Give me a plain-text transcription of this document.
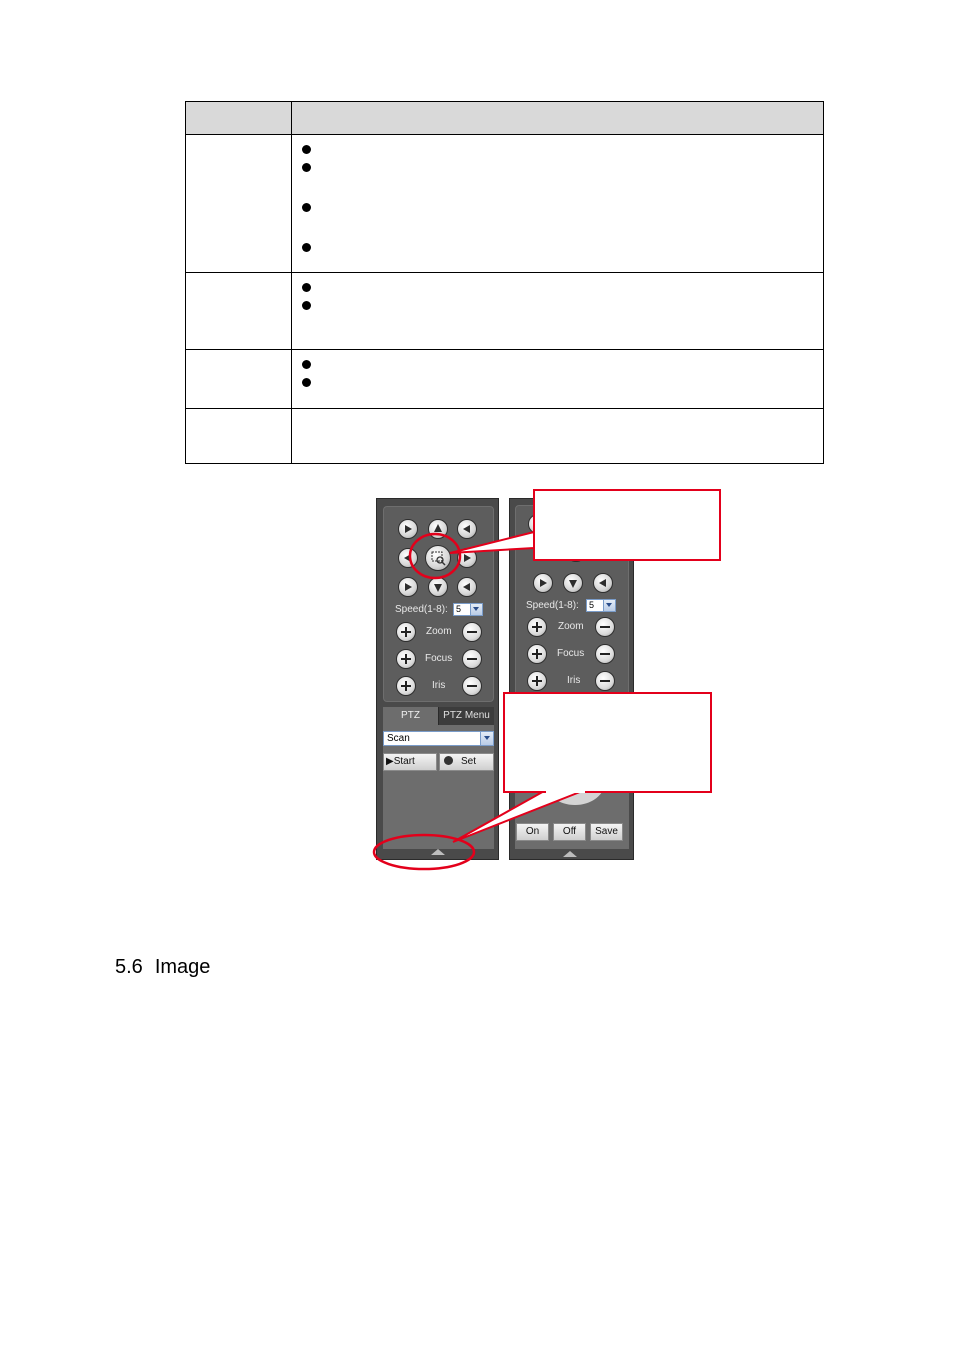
Speed(1-8): 5
Zoom
Focus
Iris
PTZ	PTZ Menu
Scan
▶Start	Set
Speed(1-8):	5
Zoom
Focus
Iris
On	Off	Save
5.6 Image
